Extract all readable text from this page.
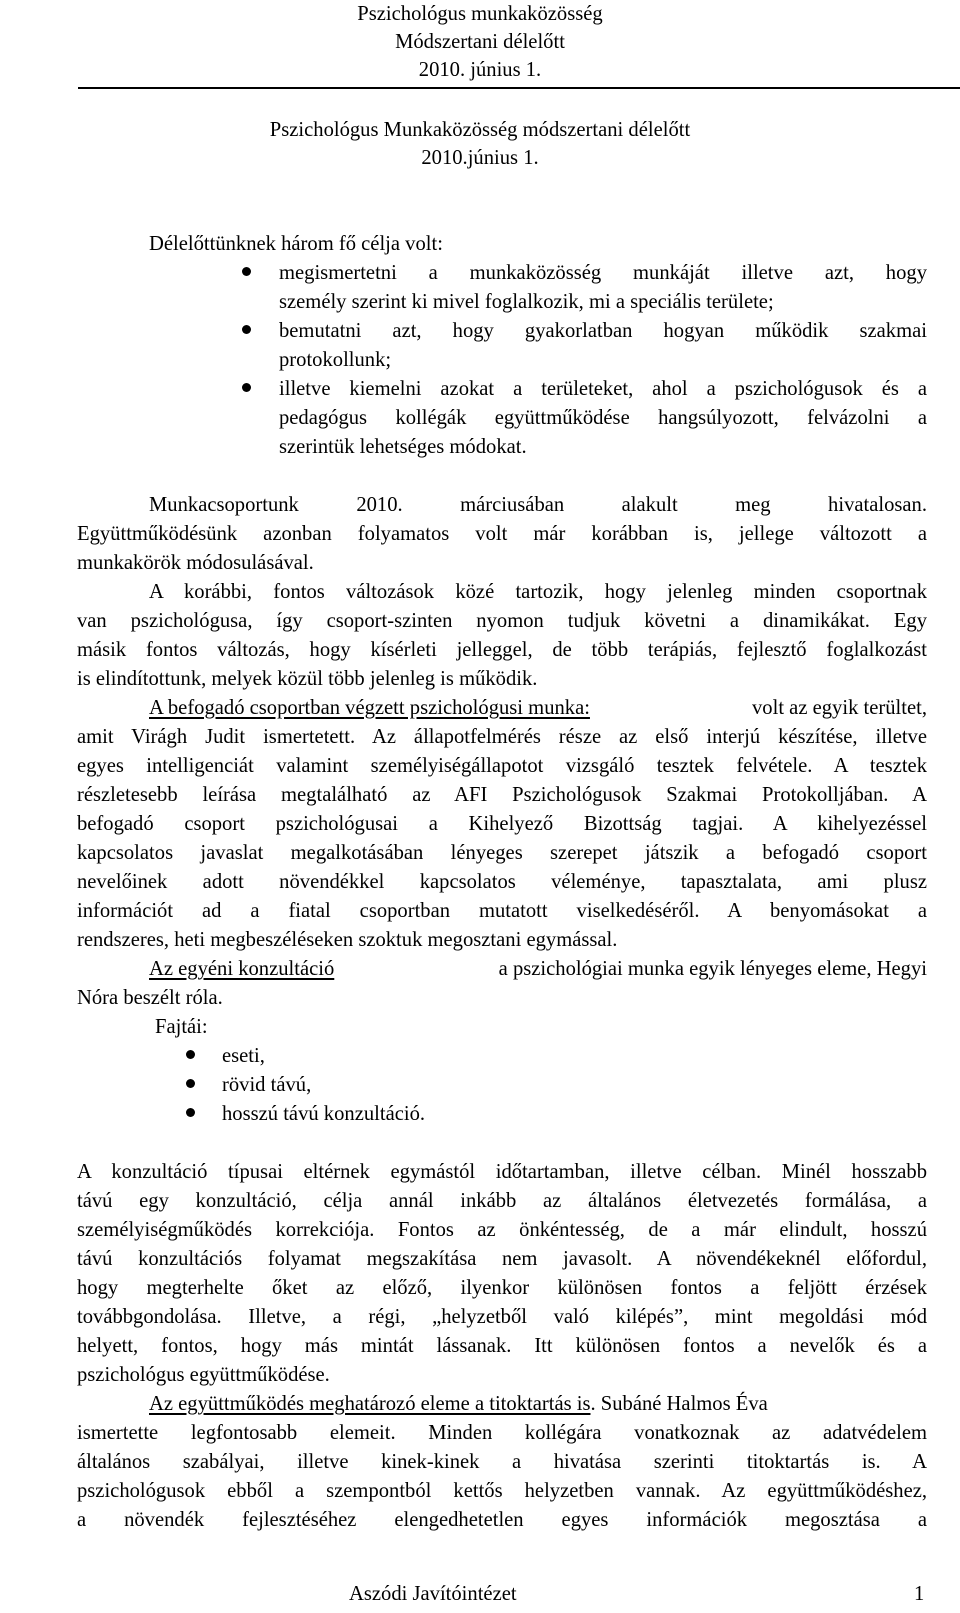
Pszichológus munkaközösség
Módszertani délelőtt
2010. június 1.
Pszichológus Munkaközösség módszertani délelőtt
2010.június 1.
Délelőttünknek három fő célja volt:
megismertetni a munkaközösség munkáját illetve azt, hogy
személy szerint ki mivel foglalkozik, mi a speciális területe;
bemutatni azt, hogy gyakorlatban hogyan működik szakmai
protokollunk;
illetve kiemelni azokat a területeket, ahol a pszichológusok és a
pedagógus kollégák együttműködése hangsúlyozott, felvázolni a
szerintük lehetséges módokat.
Munkacsoportunk 2010. márciusában alakult meg hivatalosan.
Együttműködésünk azonban folyamatos volt már korábban is, jellege változott a
munkakörök módosulásával.
A korábbi, fontos változások közé tartozik, hogy jelenleg minden csoportnak
van pszichológusa, így csoport-szinten nyomon tudjuk követni a dinamikákat. Egy
másik fontos változás, hogy kísérleti jelleggel, de több terápiás, fejlesztő foglalkozást
is elindítottunk, melyek közül több jelenleg is működik.
A befogadó csoportban végzett pszichológusi munka:	volt az egyik terültet,
amit Virágh Judit ismertetett. Az állapotfelmérés része az első interjú készítése, illetve
egyes intelligenciát valamint személyiségállapotot vizsgáló tesztek felvétele. A tesztek
részletesebb leírása megtalálható az AFI Pszichológusok Szakmai Protokolljában. A
befogadó csoport pszichológusai a Kihelyező Bizottság tagjai. A kihelyezéssel
kapcsolatos javaslat megalkotásában lényeges szerepet játszik a befogadó csoport
nevelőinek adott növendékkel kapcsolatos véleménye, tapasztalata, ami plusz
információt ad a fiatal csoportban mutatott viselkedéséről. A benyomásokat a
rendszeres, heti megbeszéléseken szoktuk megosztani egymással.
Az egyéni konzultáció	a pszichológiai munka egyik lényeges eleme, Hegyi
Nóra beszélt róla.
Fajtái:
eseti,
rövid távú,
hosszú távú konzultáció.
A konzultáció típusai eltérnek egymástól időtartamban, illetve célban. Minél hosszabb
távú egy konzultáció, célja annál inkább az általános életvezetés formálása, a
személyiségműködés korrekciója. Fontos az önkéntesség, de a már elindult, hosszú
távú konzultációs folyamat megszakítása nem javasolt. A növendékeknél előfordul,
hogy megterhelte őket az előző, ilyenkor különösen fontos a feljött érzések
továbbgondolása. Illetve, a régi, „helyzetből való kilépés”, mint megoldási mód
helyett, fontos, hogy más mintát lássanak. Itt különösen fontos a nevelők és a
pszichológus együttműködése.
Az együttműködés meghatározó eleme a titoktartás is . Subáné Halmos Éva
ismertette legfontosabb elemeit. Minden kollégára vonatkoznak az adatvédelem
általános szabályai, illetve kinek-kinek a hivatása szerinti titoktartás is. A
pszichológusok ebből a szempontból kettős helyzetben vannak. Az együttműködéshez,
a növendék fejlesztéséhez elengedhetetlen egyes információk megosztása a
Aszódi Javítóintézet	1
